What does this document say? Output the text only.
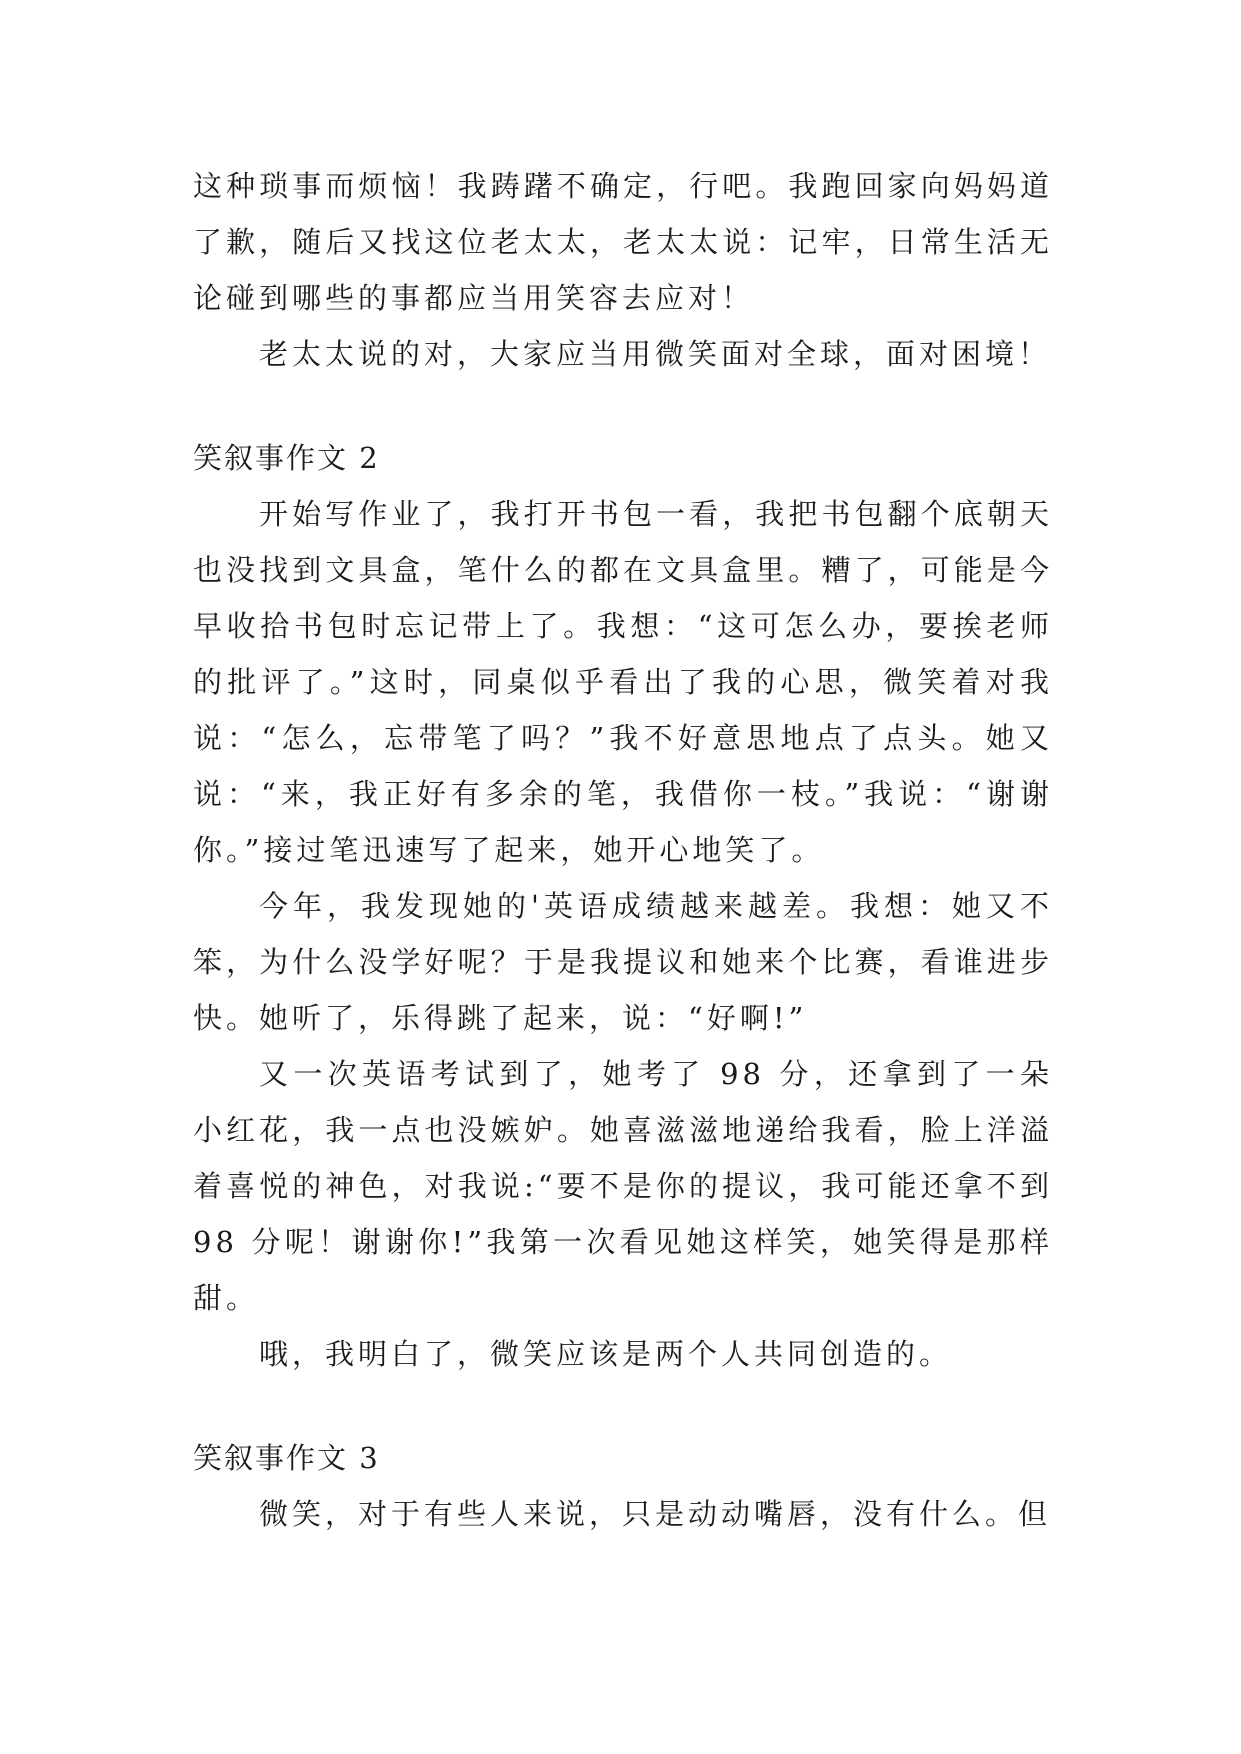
这种琐事而烦恼！我踌躇不确定，行吧。我跑回家向妈妈道了歉，随后又找这位老太太，老太太说：记牢，日常生活无论碰到哪些的事都应当用笑容去应对！

老太太说的对，大家应当用微笑面对全球，面对困境！

笑叙事作文 2

开始写作业了，我打开书包一看，我把书包翻个底朝天也没找到文具盒，笔什么的都在文具盒里。糟了，可能是今早收拾书包时忘记带上了。我想：“这可怎么办，要挨老师的批评了。”这时，同桌似乎看出了我的心思，微笑着对我说：“怎么，忘带笔了吗？”我不好意思地点了点头。她又说：“来，我正好有多余的笔，我借你一枝。”我说：“谢谢你。”接过笔迅速写了起来，她开心地笑了。

今年，我发现她的'英语成绩越来越差。我想：她又不笨，为什么没学好呢？于是我提议和她来个比赛，看谁进步快。她听了，乐得跳了起来，说：“好啊!”

又一次英语考试到了，她考了 98 分，还拿到了一朵小红花，我一点也没嫉妒。她喜滋滋地递给我看，脸上洋溢着喜悦的神色，对我说:“要不是你的提议，我可能还拿不到 98 分呢！谢谢你!”我第一次看见她这样笑，她笑得是那样甜。

哦，我明白了，微笑应该是两个人共同创造的。

笑叙事作文 3

微笑，对于有些人来说，只是动动嘴唇，没有什么。但
